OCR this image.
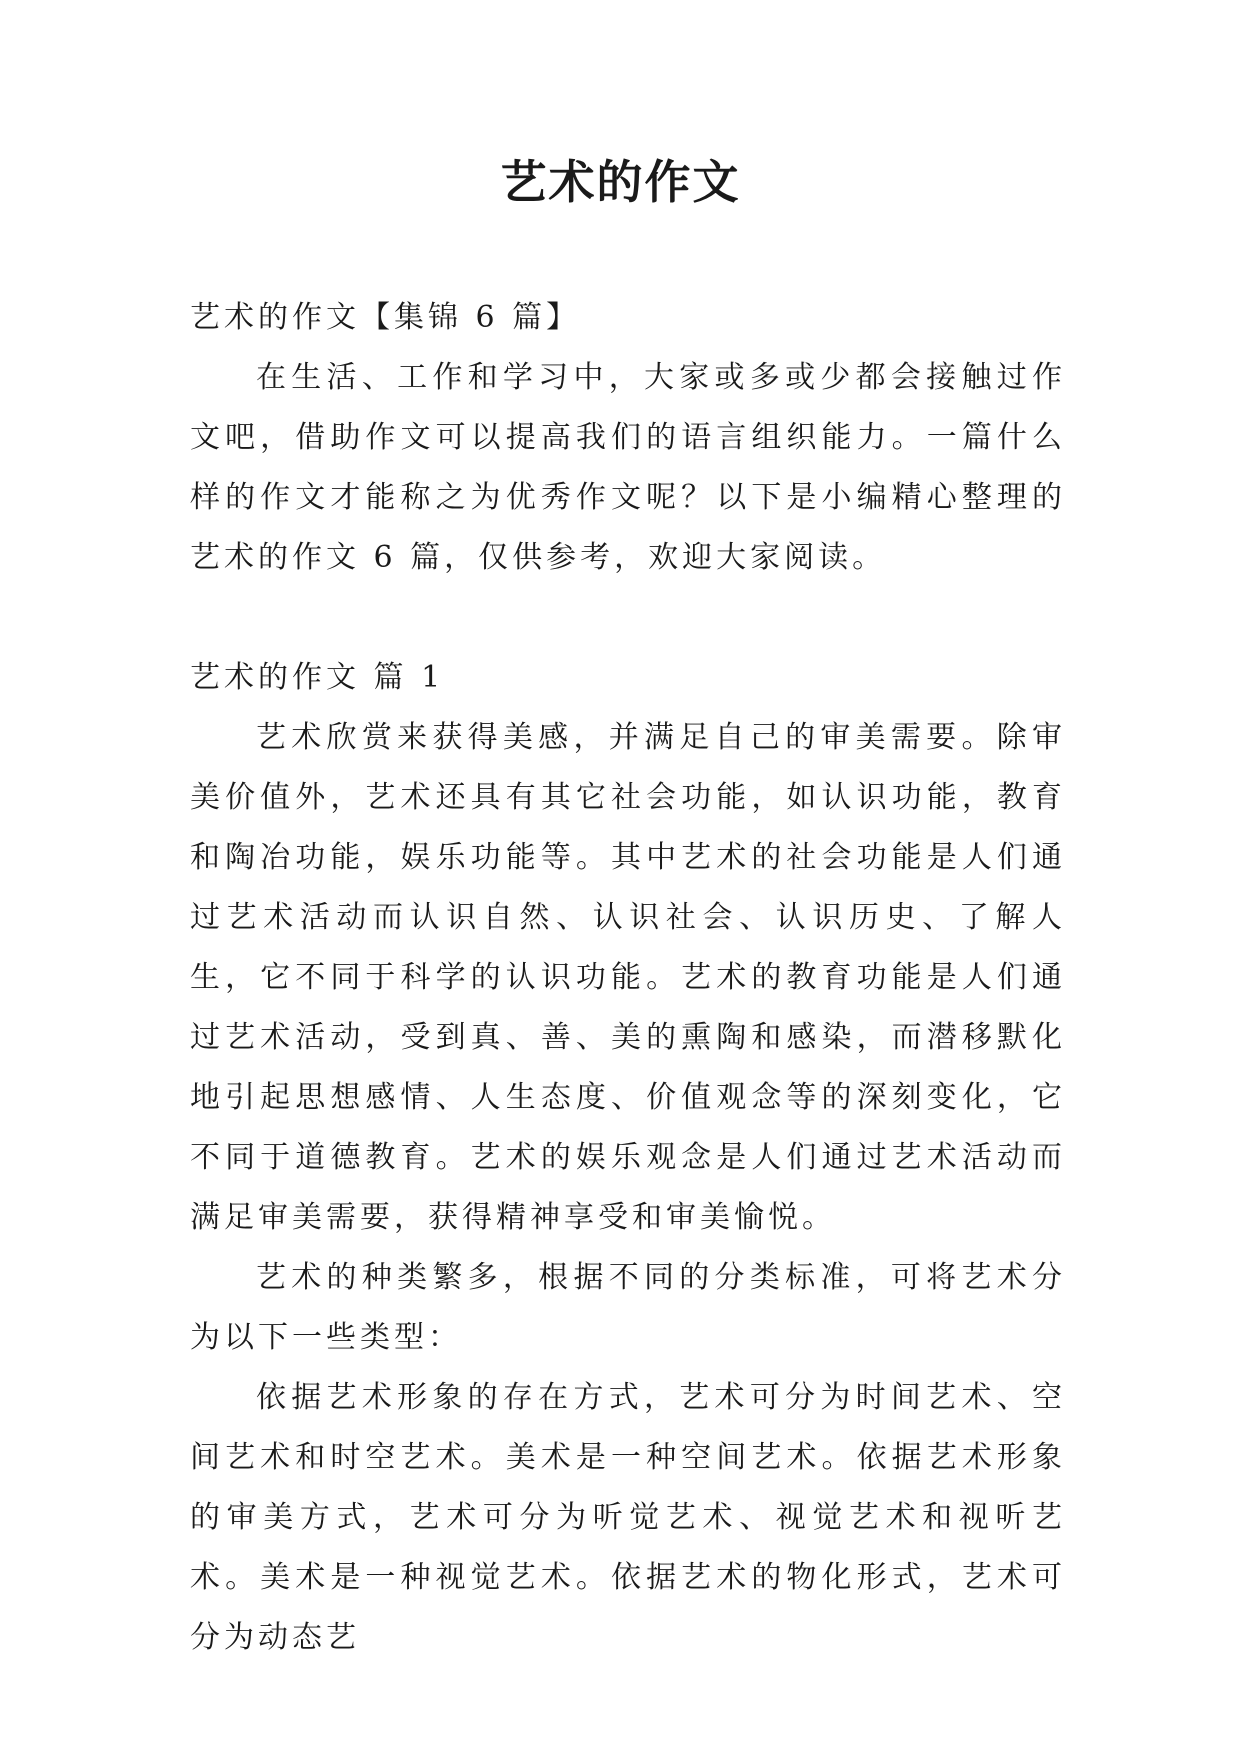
艺术的作文

艺术的作文【集锦 6 篇】

在生活、工作和学习中，大家或多或少都会接触过作文吧，借助作文可以提高我们的语言组织能力。一篇什么样的作文才能称之为优秀作文呢？以下是小编精心整理的艺术的作文 6 篇，仅供参考，欢迎大家阅读。

艺术的作文 篇 1

艺术欣赏来获得美感，并满足自己的审美需要。除审美价值外，艺术还具有其它社会功能，如认识功能，教育和陶冶功能，娱乐功能等。其中艺术的社会功能是人们通过艺术活动而认识自然、认识社会、认识历史、了解人生，它不同于科学的认识功能。艺术的教育功能是人们通过艺术活动，受到真、善、美的熏陶和感染，而潜移默化地引起思想感情、人生态度、价值观念等的深刻变化，它不同于道德教育。艺术的娱乐观念是人们通过艺术活动而满足审美需要，获得精神享受和审美愉悦。

艺术的种类繁多，根据不同的分类标准，可将艺术分为以下一些类型：

依据艺术形象的存在方式，艺术可分为时间艺术、空间艺术和时空艺术。美术是一种空间艺术。依据艺术形象的审美方式，艺术可分为听觉艺术、视觉艺术和视听艺术。美术是一种视觉艺术。依据艺术的物化形式，艺术可分为动态艺
